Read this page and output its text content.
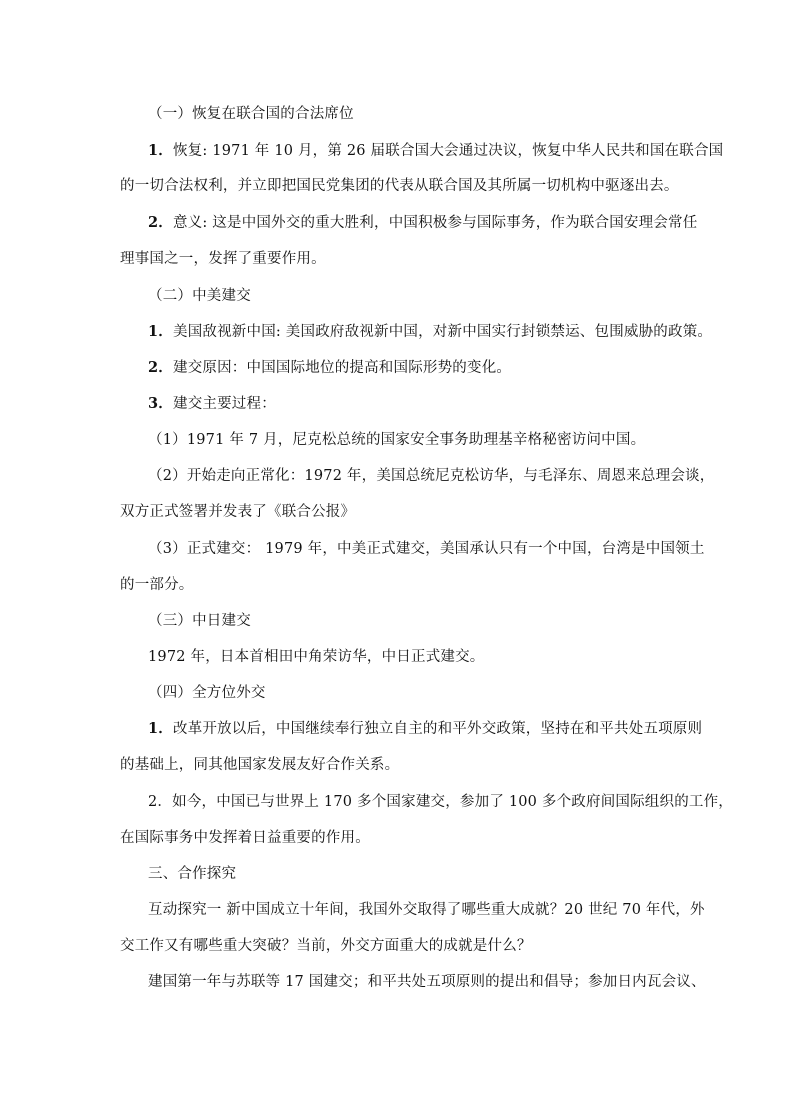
（一）恢复在联合国的合法席位
1．恢复: 1971 年 10 月，第 26 届联合国大会通过决议，恢复中华人民共和国在联合国
的一切合法权利，并立即把国民党集团的代表从联合国及其所属一切机构中驱逐出去。
2．意义: 这是中国外交的重大胜利，中国积极参与国际事务，作为联合国安理会常任
理事国之一，发挥了重要作用。
（二）中美建交
1．美国敌视新中国: 美国政府敌视新中国，对新中国实行封锁禁运、包围威胁的政策。
2．建交原因：中国国际地位的提高和国际形势的变化。
3．建交主要过程：
（1）1971 年 7 月，尼克松总统的国家安全事务助理基辛格秘密访问中国。
（2）开始走向正常化：1972 年，美国总统尼克松访华，与毛泽东、周恩来总理会谈，
双方正式签署并发表了《联合公报》
（3）正式建交： 1979 年，中美正式建交，美国承认只有一个中国，台湾是中国领土
的一部分。
（三）中日建交
1972 年，日本首相田中角荣访华，中日正式建交。
（四）全方位外交
1．改革开放以后，中国继续奉行独立自主的和平外交政策，坚持在和平共处五项原则
的基础上，同其他国家发展友好合作关系。
2．如今，中国已与世界上 170 多个国家建交，参加了 100 多个政府间国际组织的工作，
在国际事务中发挥着日益重要的作用。
三、合作探究
互动探究一 新中国成立十年间，我国外交取得了哪些重大成就？20 世纪 70 年代，外
交工作又有哪些重大突破？当前，外交方面重大的成就是什么？
建国第一年与苏联等 17 国建交；和平共处五项原则的提出和倡导；参加日内瓦会议、
